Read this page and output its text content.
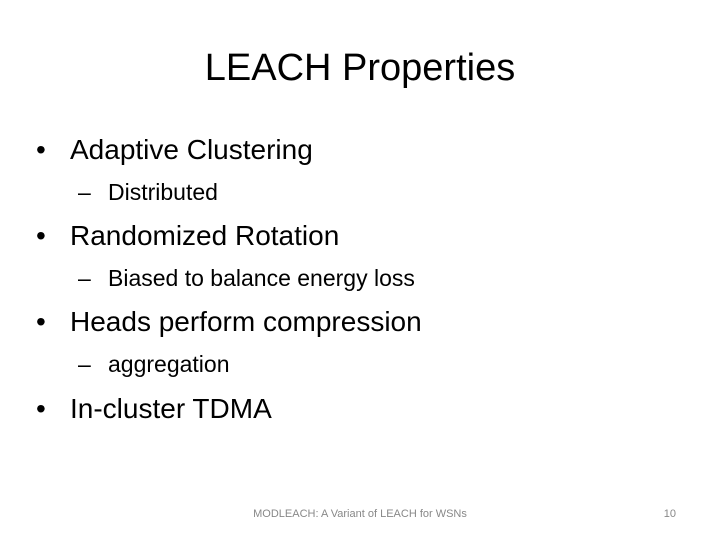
LEACH Properties
• Adaptive Clustering
– Distributed
• Randomized Rotation
– Biased to balance energy loss
• Heads perform compression
– aggregation
• In-cluster TDMA
MODLEACH: A Variant of LEACH for WSNs	10
